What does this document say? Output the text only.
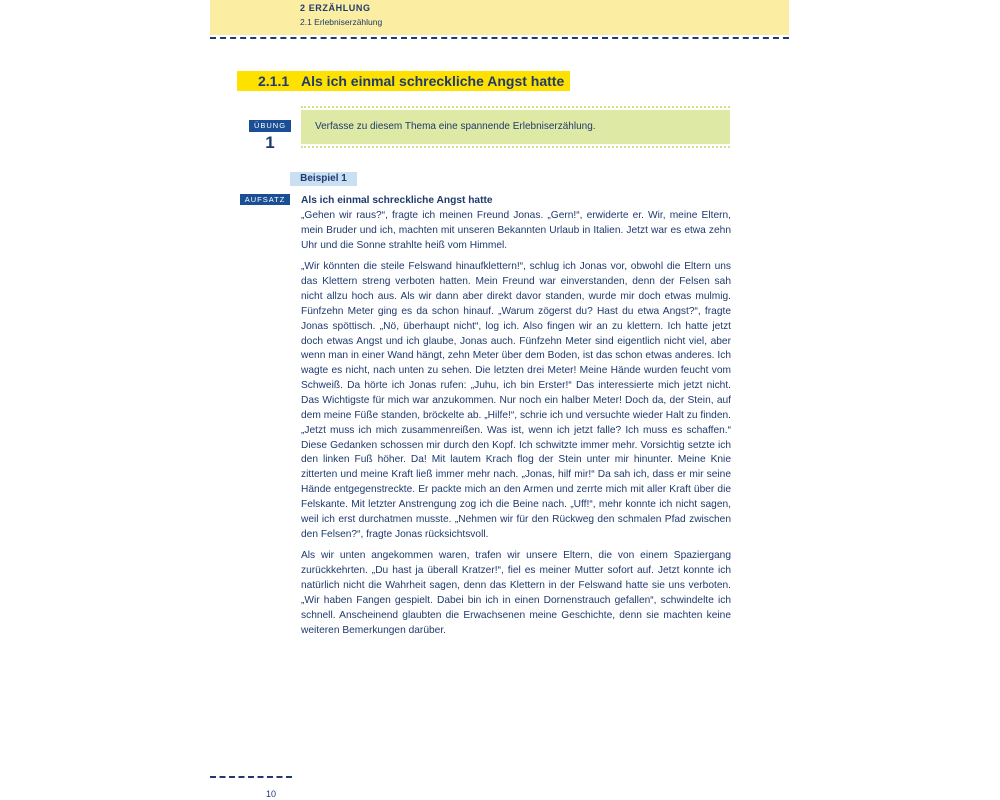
2 ERZÄHLUNG
2.1 Erlebniserzählung
2.1.1 Als ich einmal schreckliche Angst hatte
ÜBUNG
1
Verfasse zu diesem Thema eine spannende Erlebniserzählung.
Beispiel 1
AUFSATZ	Als ich einmal schreckliche Angst hatte

„Gehen wir raus?“, fragte ich meinen Freund Jonas. „Gern!“, erwiderte er. Wir, meine Eltern, mein Bruder und ich, machten mit unseren Bekannten Urlaub in Italien. Jetzt war es etwa zehn Uhr und die Sonne strahlte heiß vom Himmel.

„Wir könnten die steile Felswand hinaufklettern!“, schlug ich Jonas vor, obwohl die Eltern uns das Klettern streng verboten hatten. Mein Freund war einverstanden, denn der Felsen sah nicht allzu hoch aus. Als wir dann aber direkt davor standen, wurde mir doch etwas mulmig. Fünfzehn Meter ging es da schon hinauf. „Warum zögerst du? Hast du etwa Angst?“, fragte Jonas spöttisch. „Nö, überhaupt nicht“, log ich. Also fingen wir an zu klettern. Ich hatte jetzt doch etwas Angst und ich glaube, Jonas auch. Fünfzehn Meter sind eigentlich nicht viel, aber wenn man in einer Wand hängt, zehn Meter über dem Boden, ist das schon etwas anderes. Ich wagte es nicht, nach unten zu sehen. Die letzten drei Meter! Meine Hände wurden feucht vom Schweiß. Da hörte ich Jonas rufen: „Juhu, ich bin Erster!“ Das interessierte mich jetzt nicht. Das Wichtigste für mich war anzukommen. Nur noch ein halber Meter! Doch da, der Stein, auf dem meine Füße standen, bröckelte ab. „Hilfe!“, schrie ich und versuchte wieder Halt zu finden. „Jetzt muss ich mich zusammenreißen. Was ist, wenn ich jetzt falle? Ich muss es schaffen.“ Diese Gedanken schossen mir durch den Kopf. Ich schwitzte immer mehr. Vorsichtig setzte ich den linken Fuß höher. Da! Mit lautem Krach flog der Stein unter mir hinunter. Meine Knie zitterten und meine Kraft ließ immer mehr nach. „Jonas, hilf mir!“ Da sah ich, dass er mir seine Hände entgegenstreckte. Er packte mich an den Armen und zerrte mich mit aller Kraft über die Felskante. Mit letzter Anstrengung zog ich die Beine nach. „Uff!“, mehr konnte ich nicht sagen, weil ich erst durchatmen musste. „Nehmen wir für den Rückweg den schmalen Pfad zwischen den Felsen?“, fragte Jonas rücksichtsvoll.

Als wir unten angekommen waren, trafen wir unsere Eltern, die von einem Spaziergang zurückkehrten. „Du hast ja überall Kratzer!“, fiel es meiner Mutter sofort auf. Jetzt konnte ich natürlich nicht die Wahrheit sagen, denn das Klettern in der Felswand hatte sie uns verboten. „Wir haben Fangen gespielt. Dabei bin ich in einen Dornenstrauch gefallen“, schwindelte ich schnell. Anscheinend glaubten die Erwachsenen meine Geschichte, denn sie machten keine weiteren Bemerkungen darüber.

10
